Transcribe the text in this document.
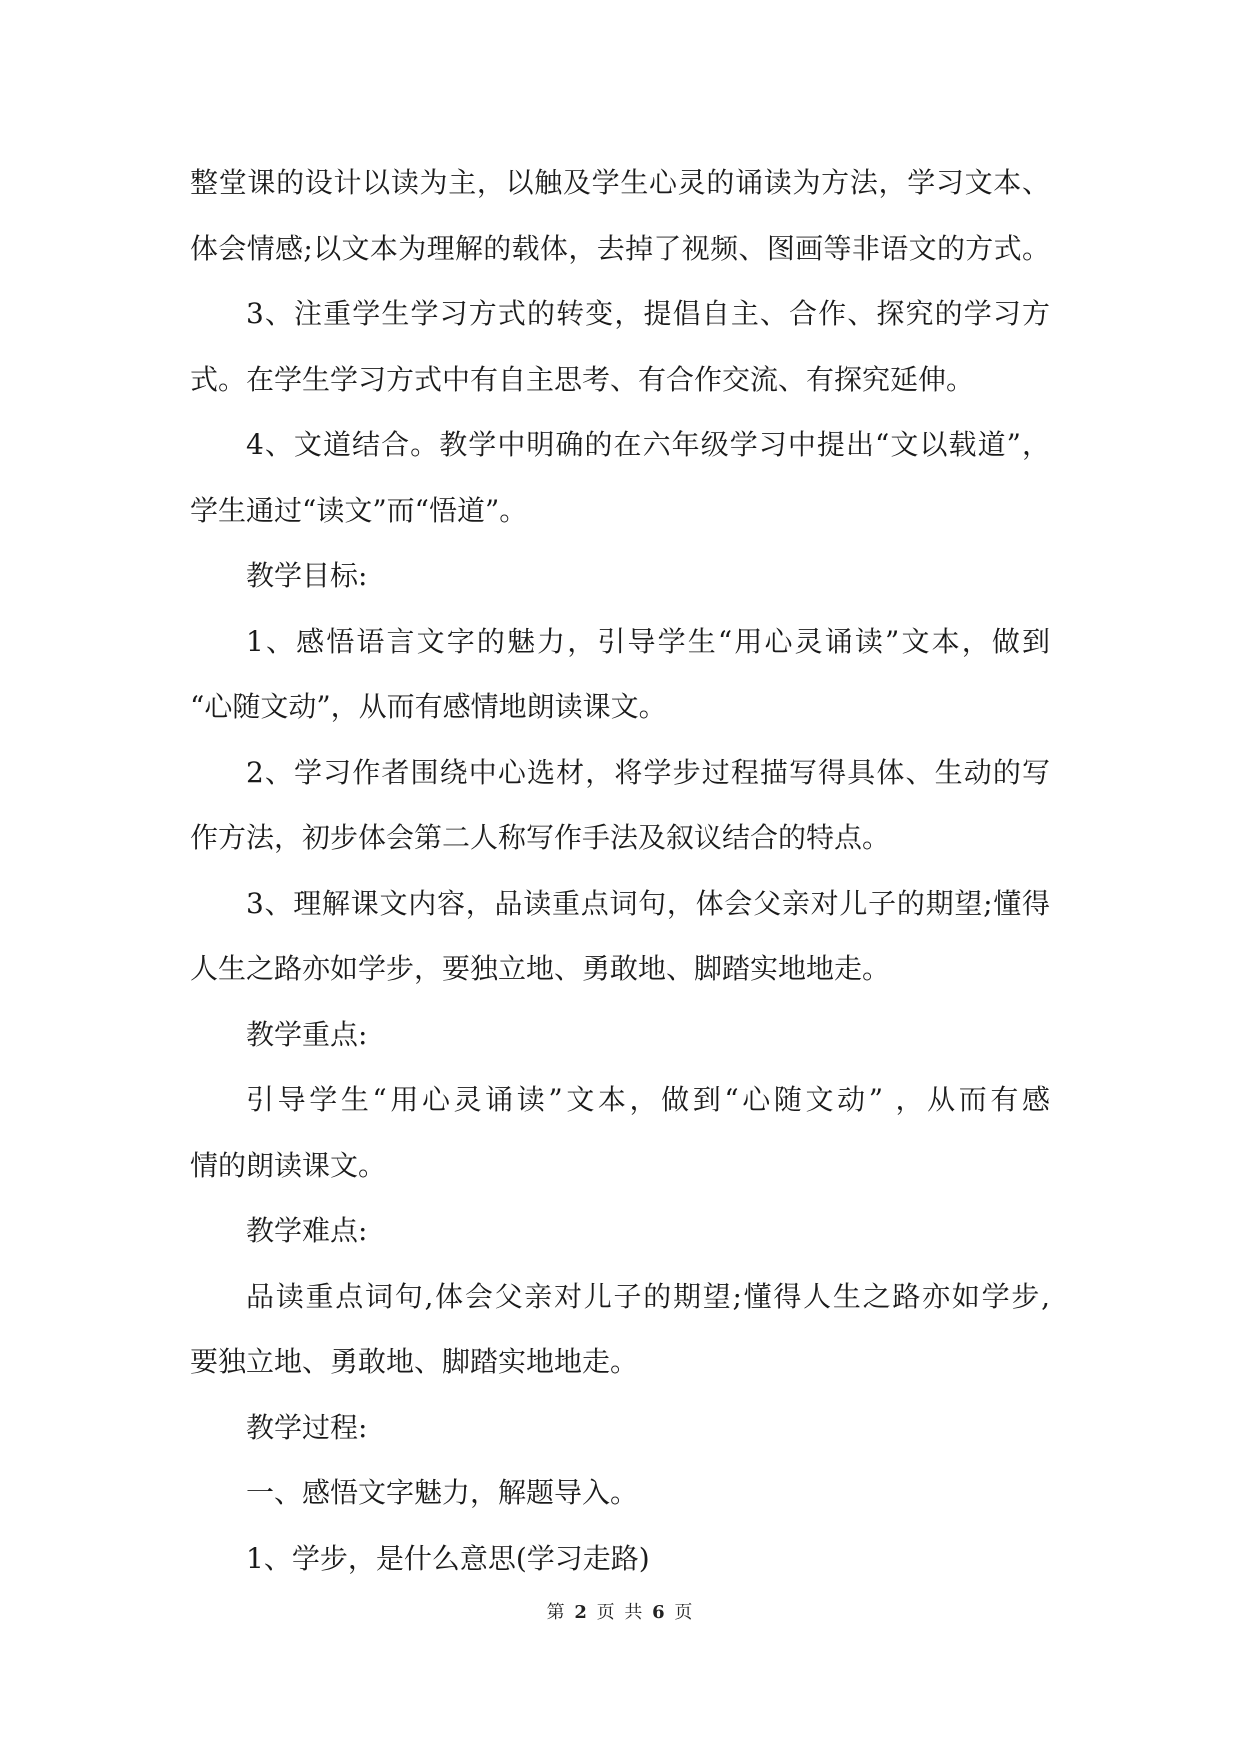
整堂课的设计以读为主，以触及学生心灵的诵读为方法，学习文本、
体会情感;以文本为理解的载体，去掉了视频、图画等非语文的方式。
3、注重学生学习方式的转变，提倡自主、合作、探究的学习方
式。在学生学习方式中有自主思考、有合作交流、有探究延伸。
4、文道结合。教学中明确的在六年级学习中提出“文以载道”，
学生通过“读文”而“悟道”。
教学目标:
1、感悟语言文字的魅力，引导学生“用心灵诵读”文本，做到
“心随文动”，从而有感情地朗读课文。
2、学习作者围绕中心选材，将学步过程描写得具体、生动的写
作方法，初步体会第二人称写作手法及叙议结合的特点。
3、理解课文内容，品读重点词句，体会父亲对儿子的期望;懂得
人生之路亦如学步，要独立地、勇敢地、脚踏实地地走。
教学重点:
引导学生“用心灵诵读”文本，做到“心随文动” ，从而有感
情的朗读课文。
教学难点:
品读重点词句,体会父亲对儿子的期望;懂得人生之路亦如学步,
要独立地、勇敢地、脚踏实地地走。
教学过程:
一、感悟文字魅力，解题导入。
1、学步，是什么意思(学习走路)
第 2 页 共 6 页
